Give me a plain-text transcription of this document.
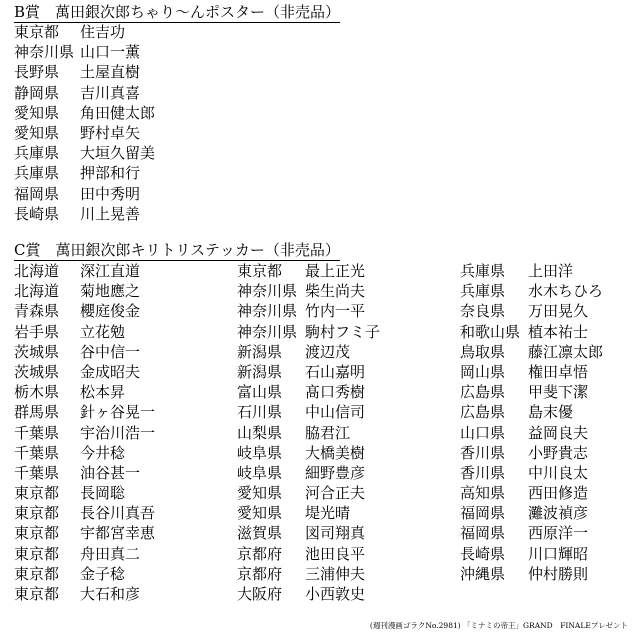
B賞　萬田銀次郎ちゃり〜んポスター（非売品）
東京都	住吉功
神奈川県 山口一薫
長野県	土屋直樹
静岡県	吉川真喜
愛知県	角田健太郎
愛知県	野村卓矢
兵庫県	大垣久留美
兵庫県	押部和行
福岡県	田中秀明
長崎県	川上晃善
C賞　萬田銀次郎キリトリステッカー（非売品）
北海道	深江直道
北海道	菊地應之
青森県	櫻庭俊金
岩手県	立花勉
茨城県	谷中信一
茨城県	金成昭夫
栃木県	松本昇
群馬県	針ヶ谷晃一
千葉県	宇治川浩一
千葉県	今井稔
千葉県	油谷甚一
東京都	長岡聡
東京都	長谷川真吾
東京都	宇都宮幸恵
東京都	舟田真二
東京都	金子稔
東京都	大石和彦
東京都	最上正光
神奈川県 柴生尚夫
神奈川県 竹内一平
神奈川県 駒村フミ子
新潟県	渡辺茂
新潟県	石山嘉明
富山県	髙口秀樹
石川県	中山信司
山梨県	脇君江
岐阜県	大橋美樹
岐阜県	細野豊彦
愛知県	河合正夫
愛知県	堤光晴
滋賀県	図司翔真
京都府	池田良平
京都府	三浦伸夫
大阪府	小西敦史
兵庫県	上田洋
兵庫県	水木ちひろ
奈良県	万田晃久
和歌山県 植本祐士
鳥取県	藤江凛太郎
岡山県	権田卓悟
広島県	甲斐下潔
広島県	島末優
山口県	益岡良夫
香川県	小野貴志
香川県	中川良太
高知県	西田修造
福岡県	灘波禎彦
福岡県	西原洋一
長崎県	川口輝昭
沖縄県	仲村勝則
(週刊漫画ゴラクNo.2981) 「ミナミの帝王」GRAND　FINALEプレゼント
